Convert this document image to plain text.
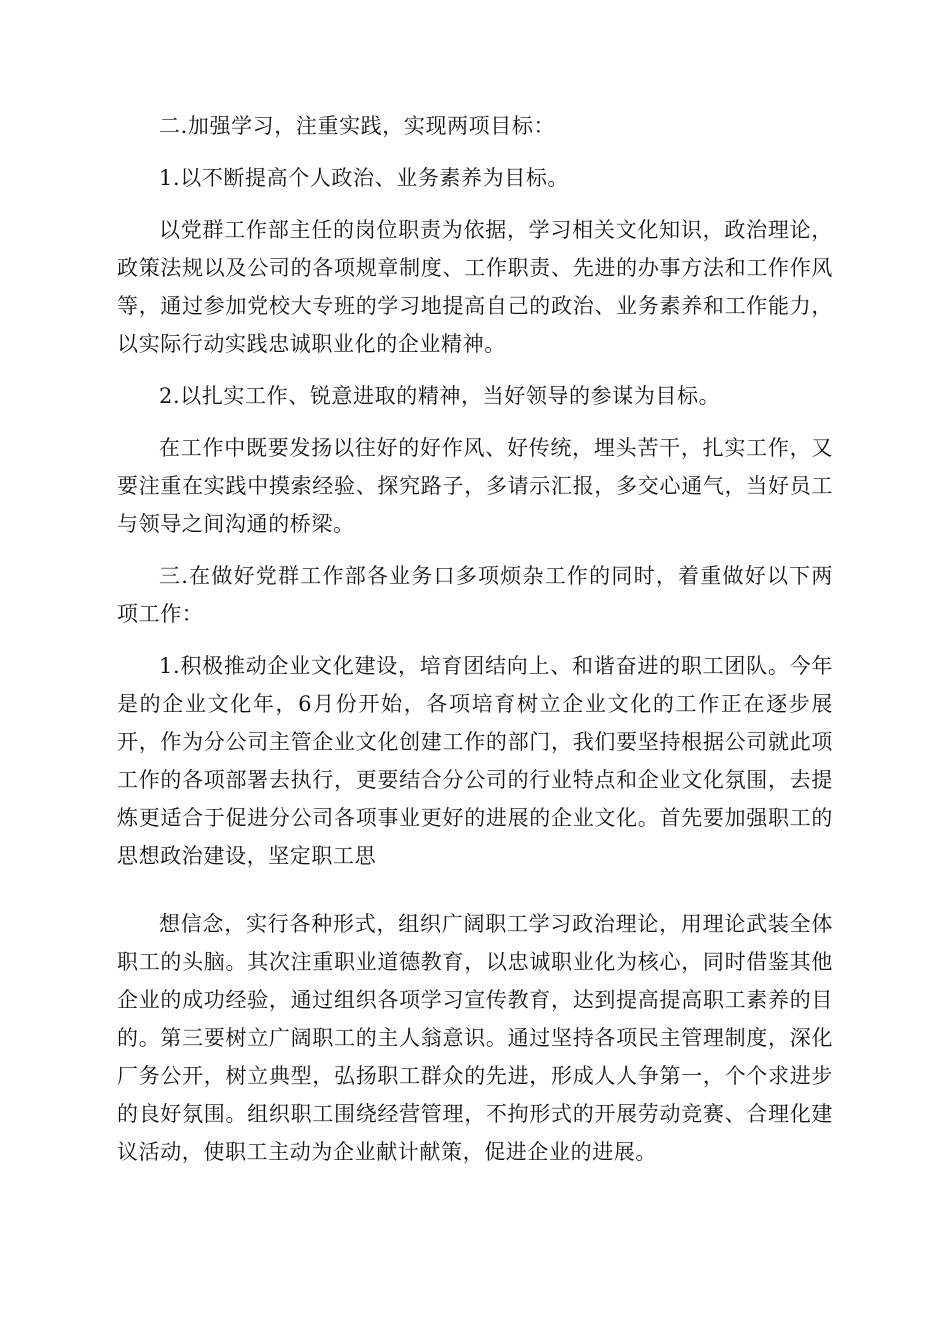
二.加强学习，注重实践，实现两项目标：

1.以不断提高个人政治、业务素养为目标。

以党群工作部主任的岗位职责为依据，学习相关文化知识，政治理论，政策法规以及公司的各项规章制度、工作职责、先进的办事方法和工作作风等，通过参加党校大专班的学习地提高自己的政治、业务素养和工作能力，以实际行动实践忠诚职业化的企业精神。

2.以扎实工作、锐意进取的精神，当好领导的参谋为目标。

在工作中既要发扬以往好的好作风、好传统，埋头苦干，扎实工作，又要注重在实践中摸索经验、探究路子，多请示汇报，多交心通气，当好员工与领导之间沟通的桥梁。

三.在做好党群工作部各业务口多项烦杂工作的同时，着重做好以下两项工作：

1.积极推动企业文化建设，培育团结向上、和谐奋进的职工团队。今年是的企业文化年，6月份开始，各项培育树立企业文化的工作正在逐步展开，作为分公司主管企业文化创建工作的部门，我们要坚持根据公司就此项工作的各项部署去执行，更要结合分公司的行业特点和企业文化氛围，去提炼更适合于促进分公司各项事业更好的进展的企业文化。首先要加强职工的思想政治建设，坚定职工思

想信念，实行各种形式，组织广阔职工学习政治理论，用理论武装全体职工的头脑。其次注重职业道德教育，以忠诚职业化为核心，同时借鉴其他企业的成功经验，通过组织各项学习宣传教育，达到提高提高职工素养的目的。第三要树立广阔职工的主人翁意识。通过坚持各项民主管理制度，深化厂务公开，树立典型，弘扬职工群众的先进，形成人人争第一，个个求进步的良好氛围。组织职工围绕经营管理，不拘形式的开展劳动竞赛、合理化建议活动，使职工主动为企业献计献策，促进企业的进展。
